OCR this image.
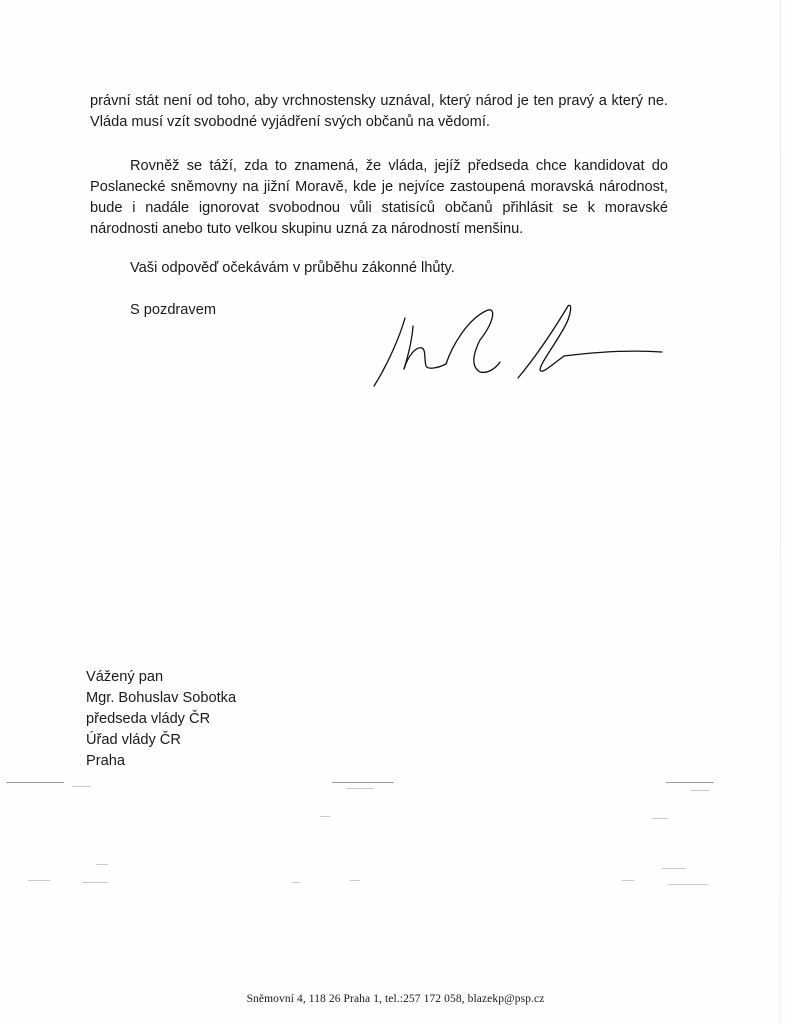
právní stát není od toho, aby vrchnostensky uznával, který národ je ten pravý a který ne. Vláda musí vzít svobodné vyjádření svých občanů na vědomí.

Rovněž se táží, zda to znamená, že vláda, jejíž předseda chce kandidovat do Poslanecké sněmovny na jižní Moravě, kde je nejvíce zastoupená moravská národnost, bude i nadále ignorovat svobodnou vůli statisíců občanů přihlásit se k moravské národnosti anebo tuto velkou skupinu uzná za národností menšinu.

Vaši odpověď očekávám v průběhu zákonné lhůty.

S pozdravem

Vážený pan
Mgr. Bohuslav Sobotka
předseda vlády ČR
Úřad vlády ČR
Praha
Sněmovní 4, 118 26 Praha 1, tel.:257 172 058, blazekp@psp.cz
